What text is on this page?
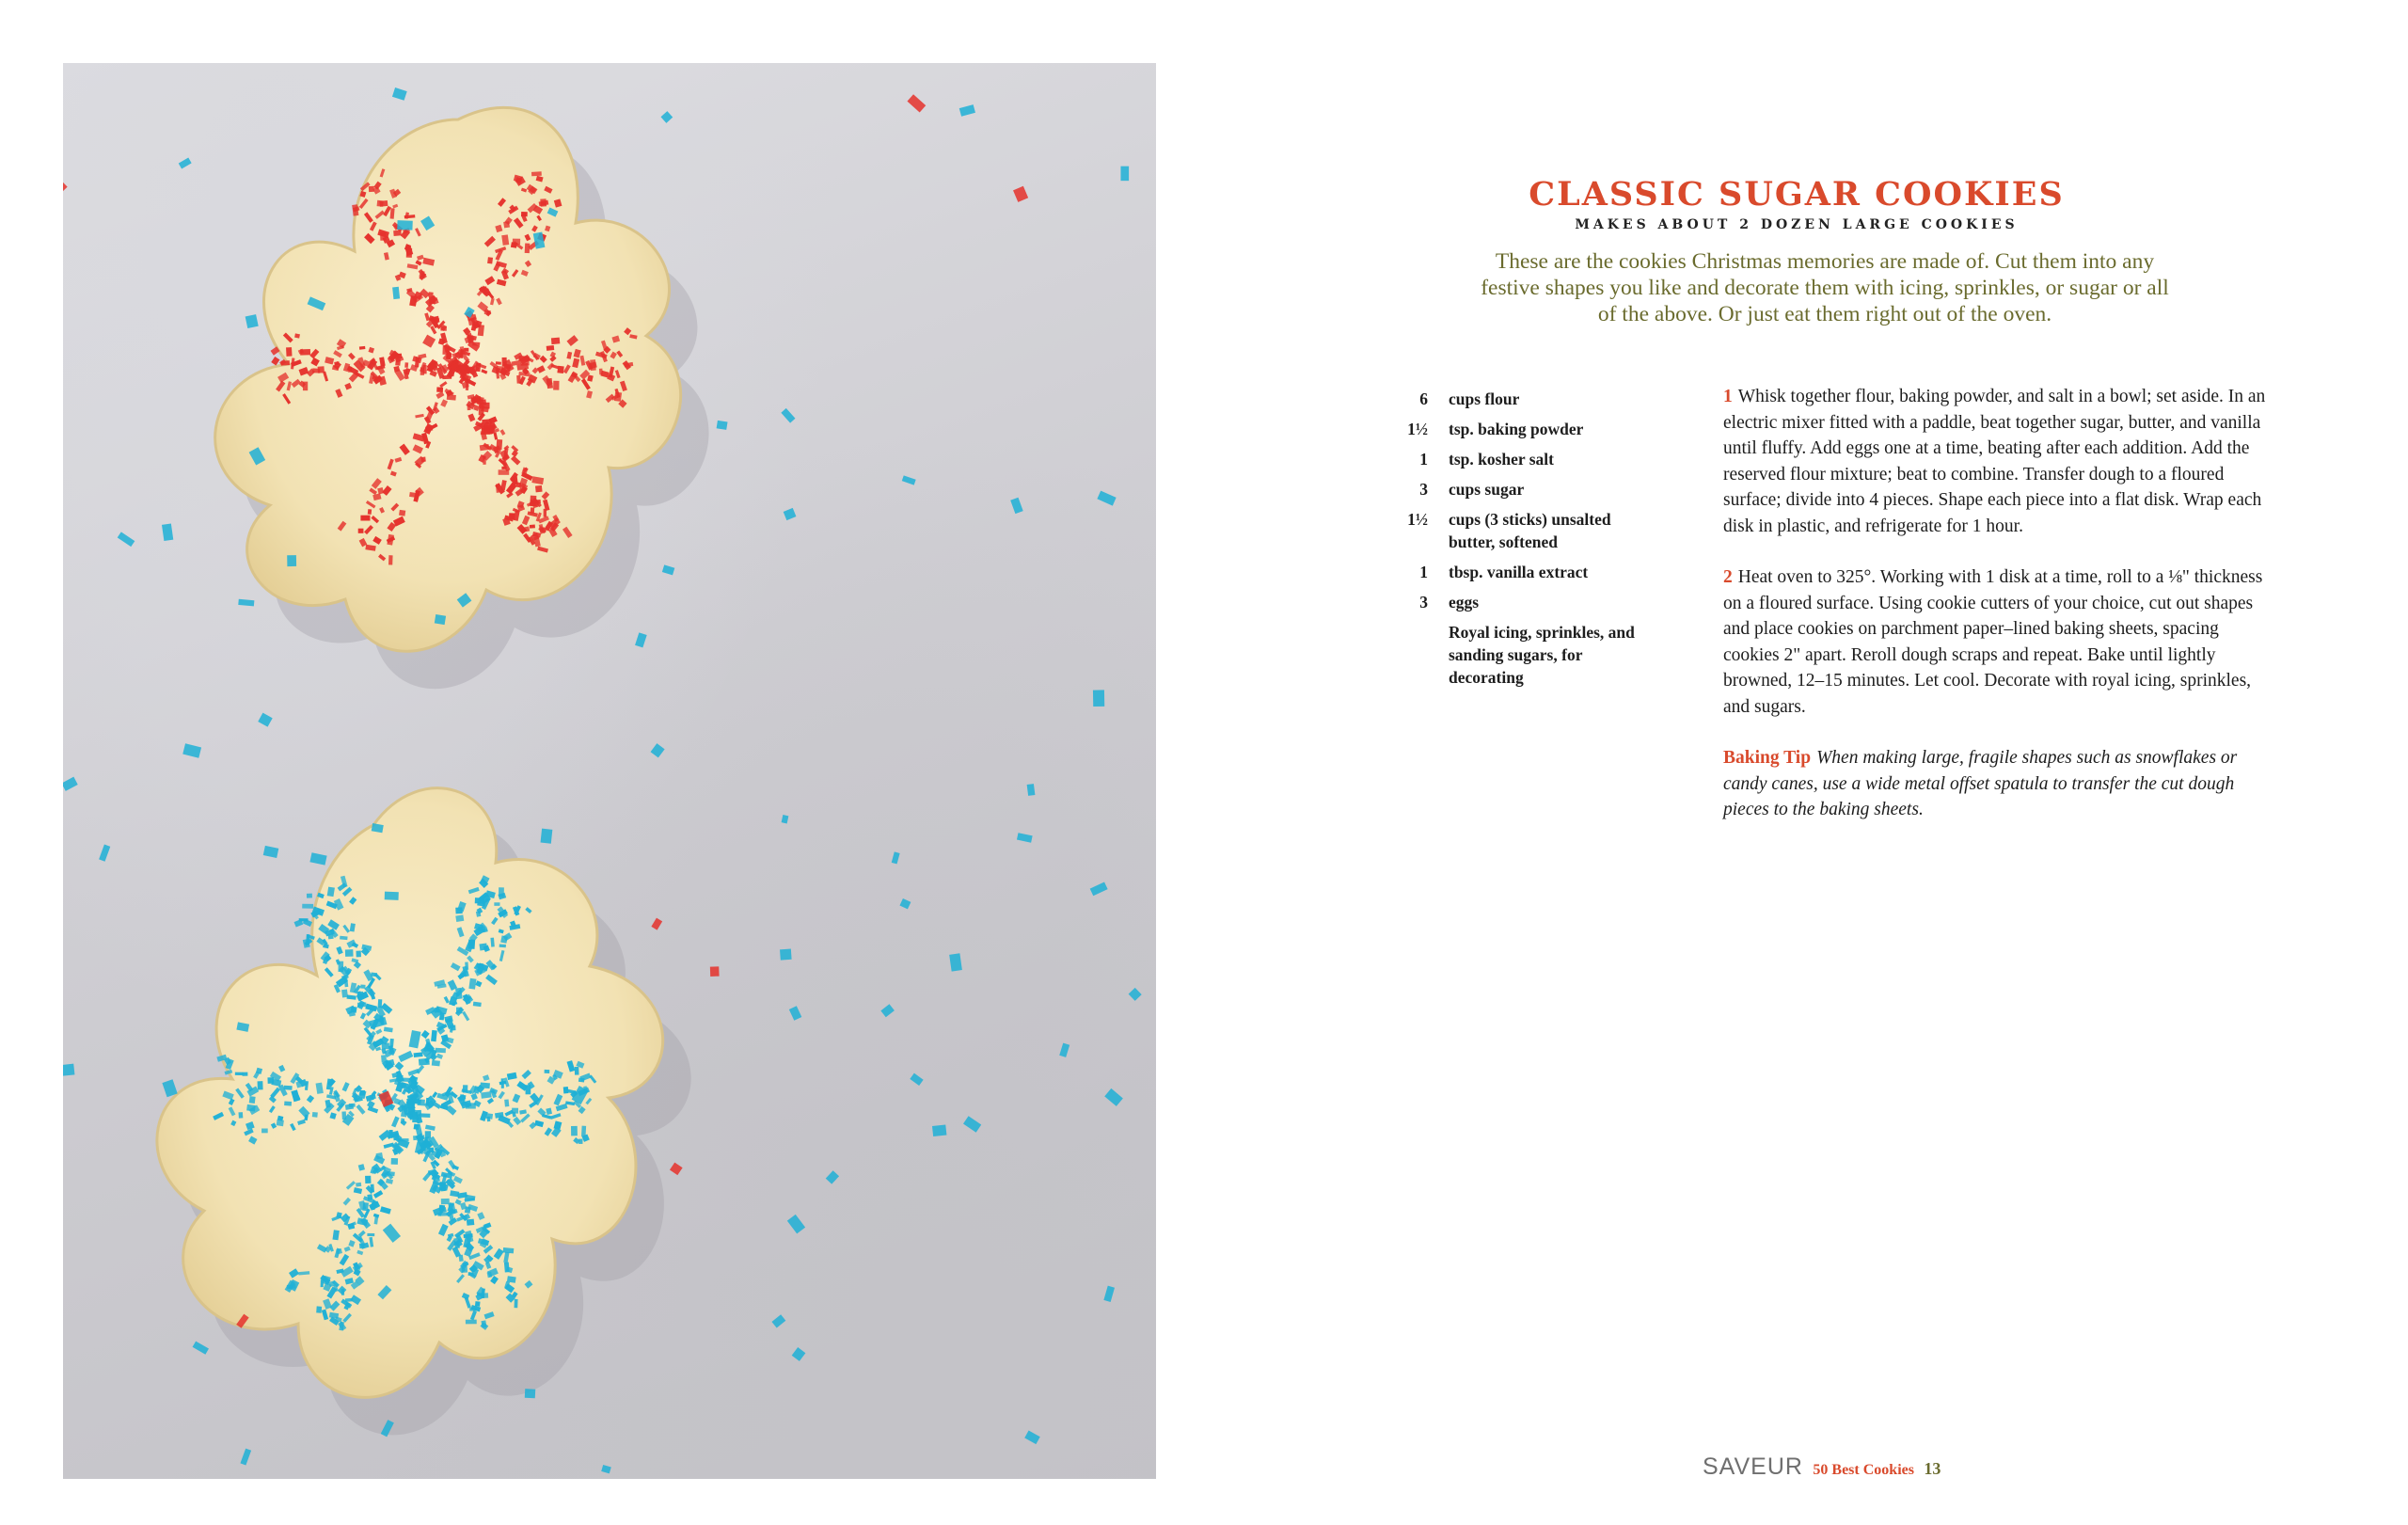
CLASSIC SUGAR COOKIES
MAKES ABOUT 2 DOZEN LARGE COOKIES

These are the cookies Christmas memories are made of. Cut them into any

festive shapes you like and decorate them with icing, sprinkles, or sugar or all

of the above. Or just eat them right out of the oven.

6	cups flour
1½	tsp. baking powder
1	tsp. kosher salt
3	cups sugar
1½	cups (3 sticks) unsalted butter, softened
1	tbsp. vanilla extract
3	eggs
Royal icing, sprinkles, and sanding sugars, for decorating

1 Whisk together flour, baking powder, and salt in a bowl; set aside. In an electric mixer fitted with a paddle, beat together sugar, butter, and vanilla until fluffy. Add eggs one at a time, beating after each addition. Add the reserved flour mixture; beat to combine. Transfer dough to a floured surface; divide into 4 pieces. Shape each piece into a flat disk. Wrap each disk in plastic, and refrigerate for 1 hour.

2 Heat oven to 325°. Working with 1 disk at a time, roll to a ⅛" thickness on a floured surface. Using cookie cutters of your choice, cut out shapes and place cookies on parchment paper–lined baking sheets, spacing cookies 2" apart. Reroll dough scraps and repeat. Bake until lightly browned, 12–15 minutes. Let cool. Decorate with royal icing, sprinkles, and sugars.

Baking Tip When making large, fragile shapes such as snowflakes or candy canes, use a wide metal offset spatula to transfer the cut dough pieces to the baking sheets.

SAVEUR 50 Best Cookies 13
